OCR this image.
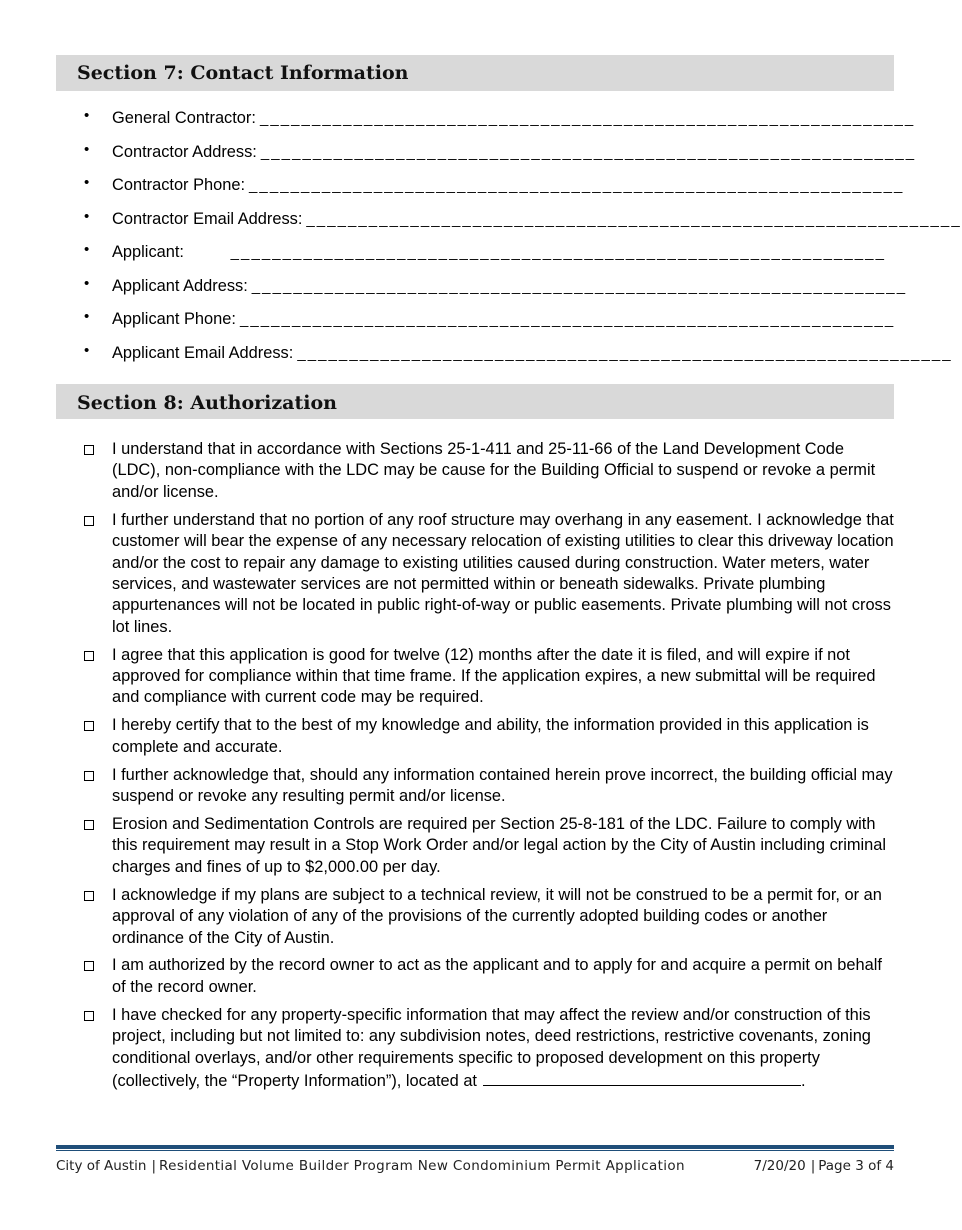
Section 7: Contact Information
• General Contractor: _______________________________________________________________
• Contractor Address: _______________________________________________________________
• Contractor Phone: _______________________________________________________________
• Contractor Email Address: _______________________________________________________________
• Applicant:	_______________________________________________________________
• Applicant Address: _______________________________________________________________
• Applicant Phone: _______________________________________________________________
• Applicant Email Address: _______________________________________________________________
Section 8: Authorization
I understand that in accordance with Sections 25-1-411 and 25-11-66 of the Land Development Code (LDC), non-compliance with the LDC may be cause for the Building Official to suspend or revoke a permit and/or license.
I further understand that no portion of any roof structure may overhang in any easement. I acknowledge that customer will bear the expense of any necessary relocation of existing utilities to clear this driveway location and/or the cost to repair any damage to existing utilities caused during construction. Water meters, water services, and wastewater services are not permitted within or beneath sidewalks. Private plumbing appurtenances will not be located in public right-of-way or public easements. Private plumbing will not cross lot lines.
I agree that this application is good for twelve (12) months after the date it is filed, and will expire if not approved for compliance within that time frame. If the application expires, a new submittal will be required and compliance with current code may be required.
I hereby certify that to the best of my knowledge and ability, the information provided in this application is complete and accurate.
I further acknowledge that, should any information contained herein prove incorrect, the building official may suspend or revoke any resulting permit and/or license.
Erosion and Sedimentation Controls are required per Section 25-8-181 of the LDC. Failure to comply with this requirement may result in a Stop Work Order and/or legal action by the City of Austin including criminal charges and fines of up to $2,000.00 per day.
I acknowledge if my plans are subject to a technical review, it will not be construed to be a permit for, or an approval of any violation of any of the provisions of the currently adopted building codes or another ordinance of the City of Austin.
I am authorized by the record owner to act as the applicant and to apply for and acquire a permit on behalf of the record owner.
I have checked for any property-specific information that may affect the review and/or construction of this project, including but not limited to: any subdivision notes, deed restrictions, restrictive covenants, zoning conditional overlays, and/or other requirements specific to proposed development on this property (collectively, the “Property Information”), located at	.
City of Austin | Residential Volume Builder Program New Condominium Permit Application	7/20/20 | Page 3 of 4
